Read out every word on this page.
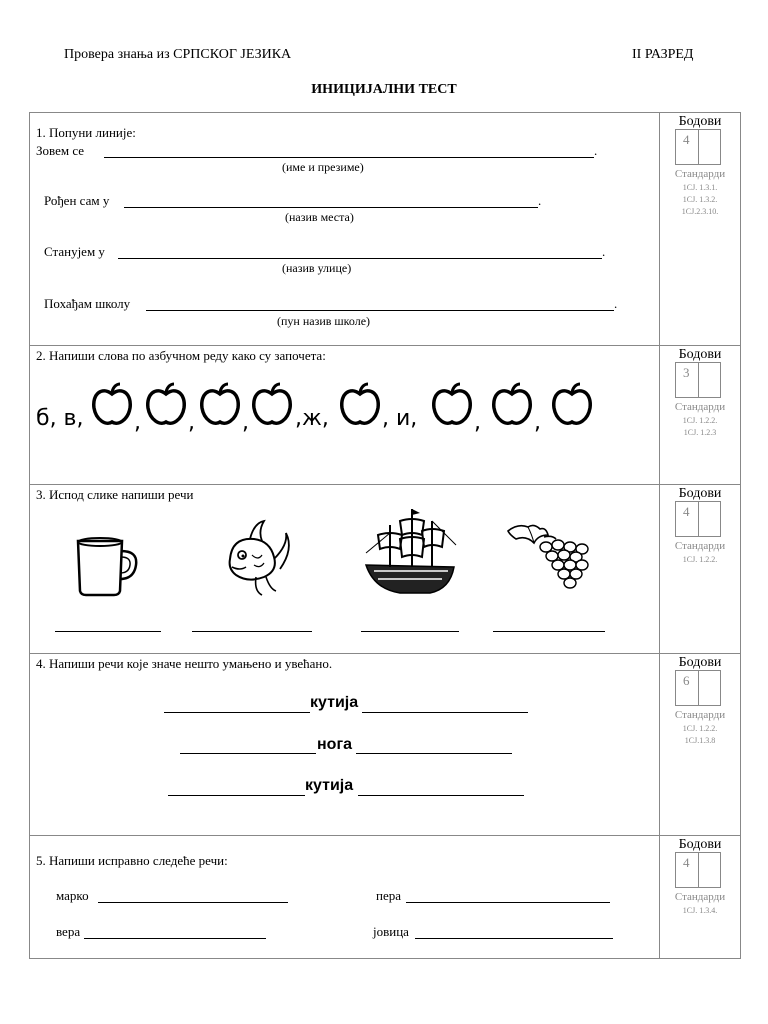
Провера знања из СРПСКОГ ЈЕЗИКА	II РАЗРЕД
ИНИЦИЈАЛНИ ТЕСТ
1. Попуни линије:
Зовем се	.
(име и презиме)
Рођен сам у	.
(назив места)
Станујем у	.
(назив улице)
Похађам школу	.
(пун назив школе)
Бодови
4
Стандарди
1СЈ. 1.3.1.
1СЈ. 1.3.2.
1СЈ.2.3.10.
2. Напиши слова по азбучном реду како су започета:
б, в, , , , ,ж, , и,	, ,
Бодови
3
Стандарди
1СЈ. 1.2.2.
1СЈ. 1.2.3
3. Испод слике напиши речи	Бодови
4
Стандарди
1СЈ. 1.2.2.
4. Напиши речи које значе нешто умањено и увећано.
кутија
нога
кутија
Бодови
6
Стандарди
1СЈ. 1.2.2.
1СЈ.1.3.8
5. Напиши исправно следеће речи:
марко	пера
вера	јовица
Бодови
4
Стандарди
1СЈ. 1.3.4.
